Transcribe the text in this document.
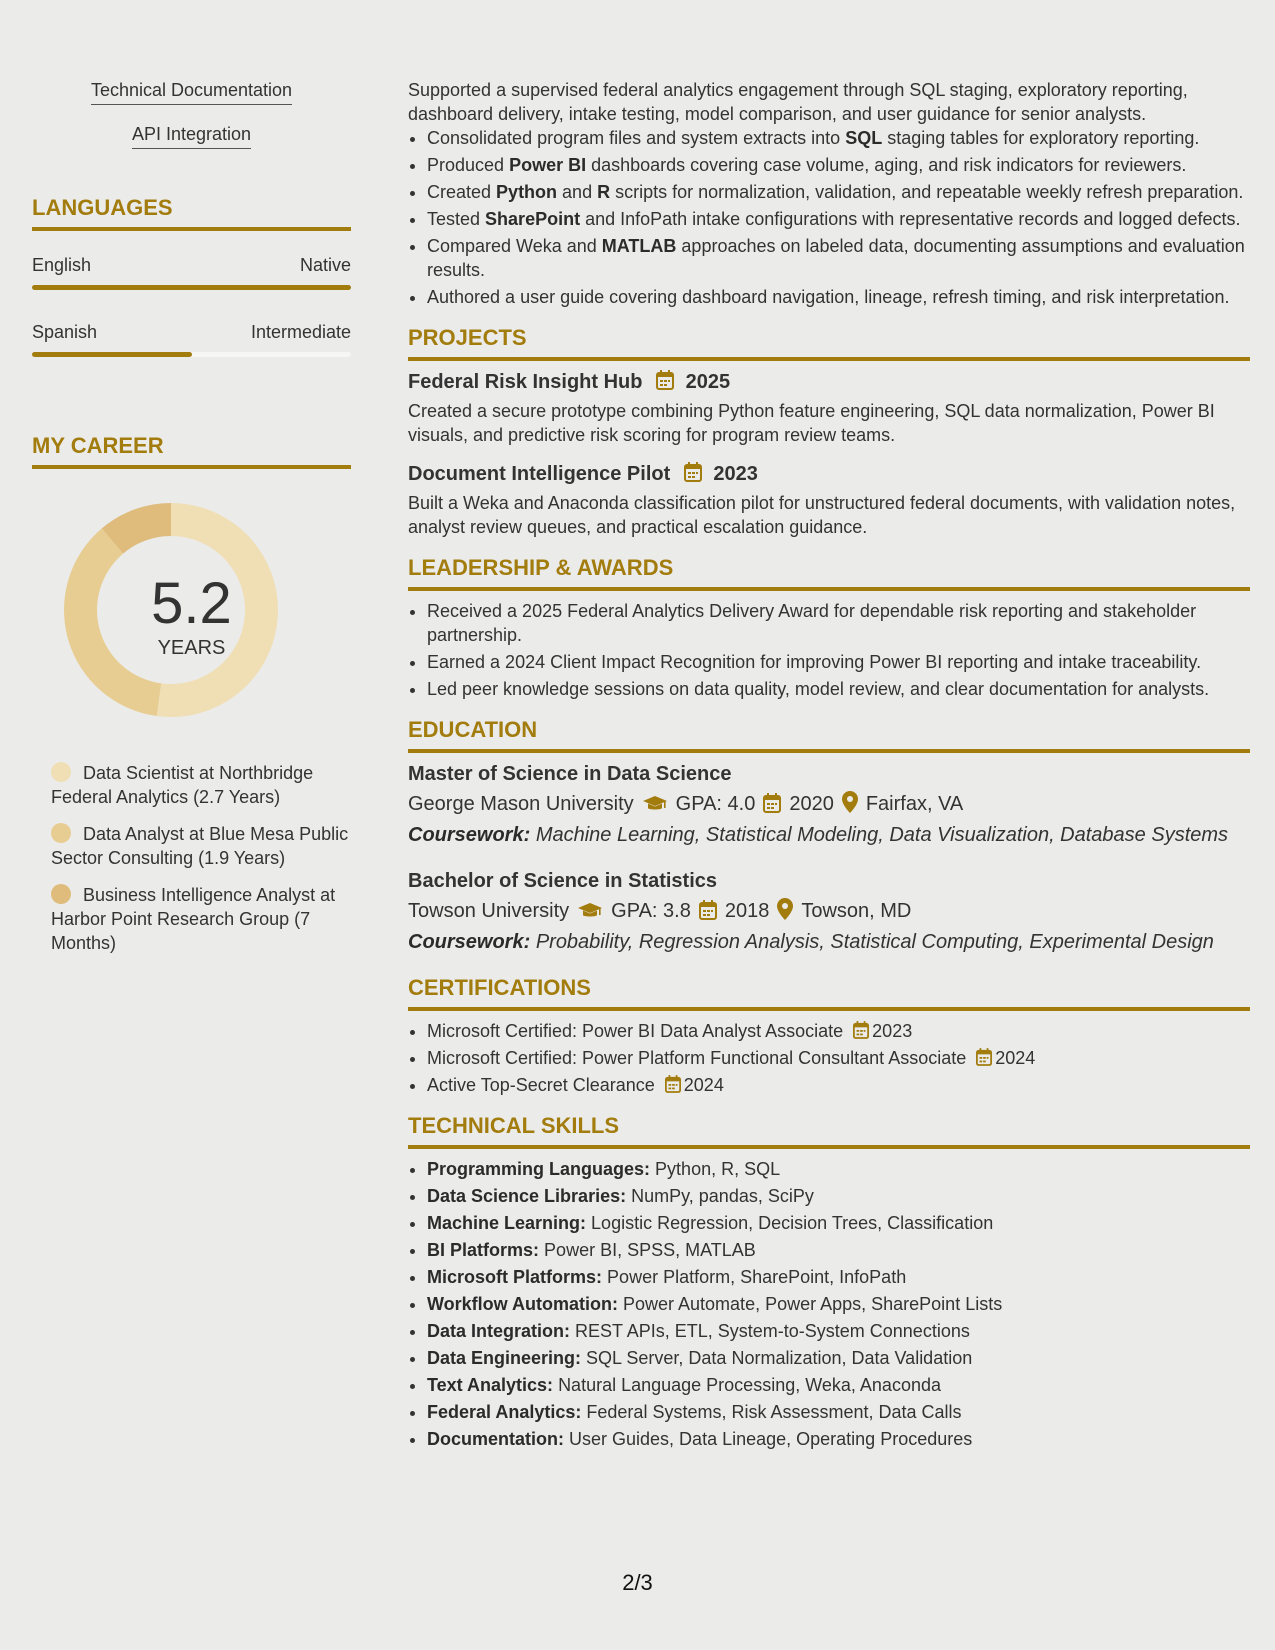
Technical Documentation
API Integration
LANGUAGES
English	Native
Spanish	Intermediate
MY CAREER
5.2
YEARS
Data Scientist at Northbridge Federal Analytics (2.7 Years)
Data Analyst at Blue Mesa Public Sector Consulting (1.9 Years)
Business Intelligence Analyst at Harbor Point Research Group (7 Months)

Supported a supervised federal analytics engagement through SQL staging, exploratory reporting, dashboard delivery, intake testing, model comparison, and user guidance for senior analysts.

• Consolidated program files and system extracts into SQL staging tables for exploratory reporting.
• Produced Power BI dashboards covering case volume, aging, and risk indicators for reviewers.
• Created Python and R scripts for normalization, validation, and repeatable weekly refresh preparation.
• Tested SharePoint and InfoPath intake configurations with representative records and logged defects.
• Compared Weka and MATLAB approaches on labeled data, documenting assumptions and evaluation results.
• Authored a user guide covering dashboard navigation, lineage, refresh timing, and risk interpretation.
PROJECTS
Federal Risk Insight Hub 2025
Created a secure prototype combining Python feature engineering, SQL data normalization, Power BI visuals, and predictive risk scoring for program review teams.
Document Intelligence Pilot 2023
Built a Weka and Anaconda classification pilot for unstructured federal documents, with validation notes, analyst review queues, and practical escalation guidance.
LEADERSHIP & AWARDS
• Received a 2025 Federal Analytics Delivery Award for dependable risk reporting and stakeholder partnership.
• Earned a 2024 Client Impact Recognition for improving Power BI reporting and intake traceability.
• Led peer knowledge sessions on data quality, model review, and clear documentation for analysts.
EDUCATION
Master of Science in Data Science
George Mason University GPA: 4.0 2020 Fairfax, VA
Coursework: Machine Learning, Statistical Modeling, Data Visualization, Database Systems
Bachelor of Science in Statistics
Towson University GPA: 3.8 2018 Towson, MD
Coursework: Probability, Regression Analysis, Statistical Computing, Experimental Design
CERTIFICATIONS
• Microsoft Certified: Power BI Data Analyst Associate 2023
• Microsoft Certified: Power Platform Functional Consultant Associate 2024
• Active Top-Secret Clearance 2024
TECHNICAL SKILLS
• Programming Languages: Python, R, SQL
• Data Science Libraries: NumPy, pandas, SciPy
• Machine Learning: Logistic Regression, Decision Trees, Classification
• BI Platforms: Power BI, SPSS, MATLAB
• Microsoft Platforms: Power Platform, SharePoint, InfoPath
• Workflow Automation: Power Automate, Power Apps, SharePoint Lists
• Data Integration: REST APIs, ETL, System-to-System Connections
• Data Engineering: SQL Server, Data Normalization, Data Validation
• Text Analytics: Natural Language Processing, Weka, Anaconda
• Federal Analytics: Federal Systems, Risk Assessment, Data Calls
• Documentation: User Guides, Data Lineage, Operating Procedures
2/3
